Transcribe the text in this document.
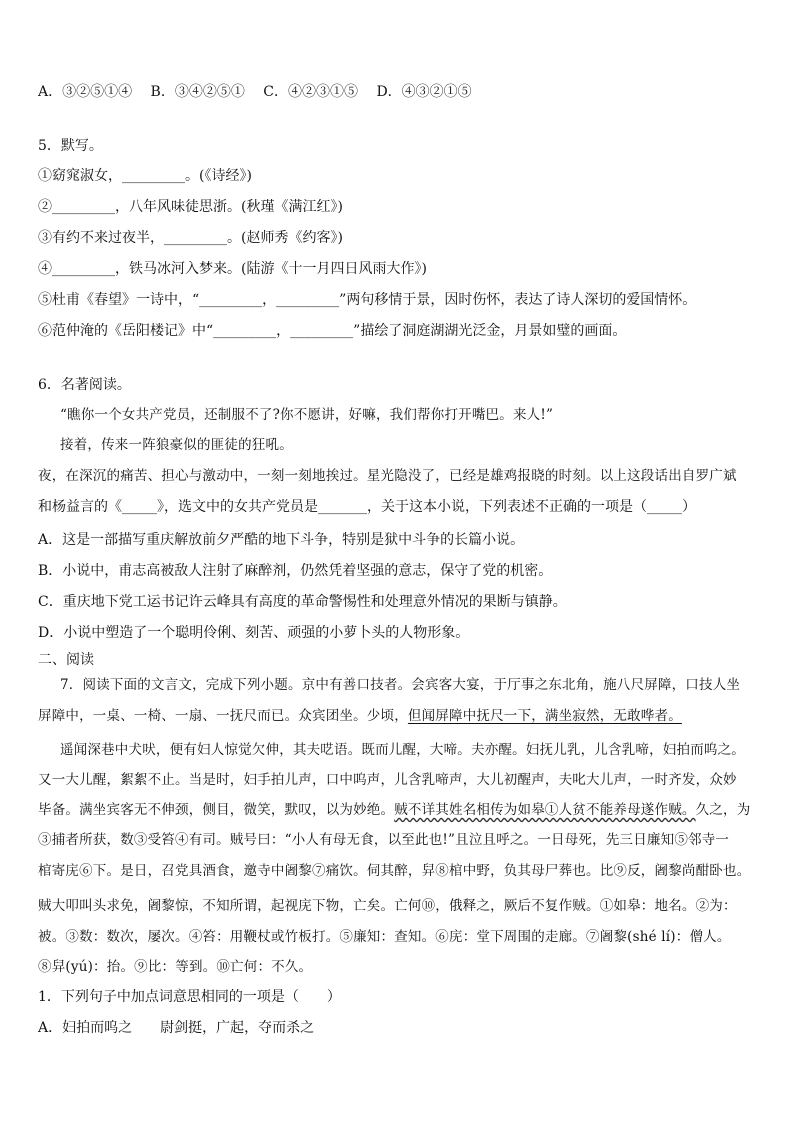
A．③②⑤①④　 B．③④②⑤①　 C．④②③①⑤　 D．④③②①⑤
5．默写。
①窈窕淑女，_________。(《诗经》)
②_________，八年风味徒思浙。(秋瑾《满江红》)
③有约不来过夜半，_________。(赵师秀《约客》)
④_________，铁马冰河入梦来。(陆游《十一月四日风雨大作》)
⑤杜甫《春望》一诗中，“_________，_________”两句移情于景，因时伤怀，表达了诗人深切的爱国情怀。
⑥范仲淹的《岳阳楼记》中“_________，_________”描绘了洞庭湖湖光泛金，月景如璧的画面。
6．名著阅读。
“瞧你一个女共产党员，还制服不了?你不愿讲，好嘛，我们帮你打开嘴巴。来人!”
接着，传来一阵狼豪似的匪徒的狂吼。
夜，在深沉的痛苦、担心与激动中，一刻一刻地挨过。星光隐没了，已经是雄鸡报晓的时刻。以上这段话出自罗广斌
和杨益言的《_____》，选文中的女共产党员是_______，关于这本小说，下列表述不正确的一项是（_____）
A．这是一部描写重庆解放前夕严酷的地下斗争，特别是狱中斗争的长篇小说。
B．小说中，甫志高被敌人注射了麻醉剂，仍然凭着坚强的意志，保守了党的机密。
C．重庆地下党工运书记许云峰具有高度的革命警惕性和处理意外情况的果断与镇静。
D．小说中塑造了一个聪明伶俐、刻苦、顽强的小萝卜头的人物形象。
二、阅读
7．阅读下面的文言文，完成下列小题。京中有善口技者。会宾客大宴，于厅事之东北角，施八尺屏障，口技人坐
屏障中，一桌、一椅、一扇、一抚尺而已。众宾团坐。少顷，但闻屏障中抚尺一下，满坐寂然，无敢哗者。
遥闻深巷中犬吠，便有妇人惊觉欠伸，其夫呓语。既而儿醒，大啼。夫亦醒。妇抚儿乳，儿含乳啼，妇拍而呜之。
又一大儿醒，絮絮不止。当是时，妇手拍儿声，口中呜声，儿含乳啼声，大儿初醒声，夫叱大儿声，一时齐发，众妙
毕备。满坐宾客无不伸颈，侧目，微笑，默叹，以为妙绝。贼不详其姓名相传为如皋①人贫不能养母遂作贼。久之，为
③捕者所获，数③受笞④有司。贼号曰：“小人有母无食，以至此也!”且泣且呼之。一日母死，先三日廉知⑤邻寺一
棺寄庑⑥下。是日，召党具酒食，邀寺中阇黎⑦痛饮。伺其醉，舁⑧棺中野，负其母尸葬也。比⑨反，阇黎尚酣卧也。
贼大叩叫头求免，阇黎惊，不知所谓，起视庑下物，亡矣。亡何⑩，俄释之，厥后不复作贼。①如皋：地名。②为：
被。③数：数次，屡次。④笞：用鞭杖或竹板打。⑤廉知：查知。⑥庑：堂下周围的走廊。⑦阇黎(shé lí)：僧人。
⑧舁(yú)：抬。⑨比：等到。⑩亡何：不久。
1．下列句子中加点词意思相同的一项是（　　）
A．妇拍而呜之　　尉剑挺，广起，夺而杀之
